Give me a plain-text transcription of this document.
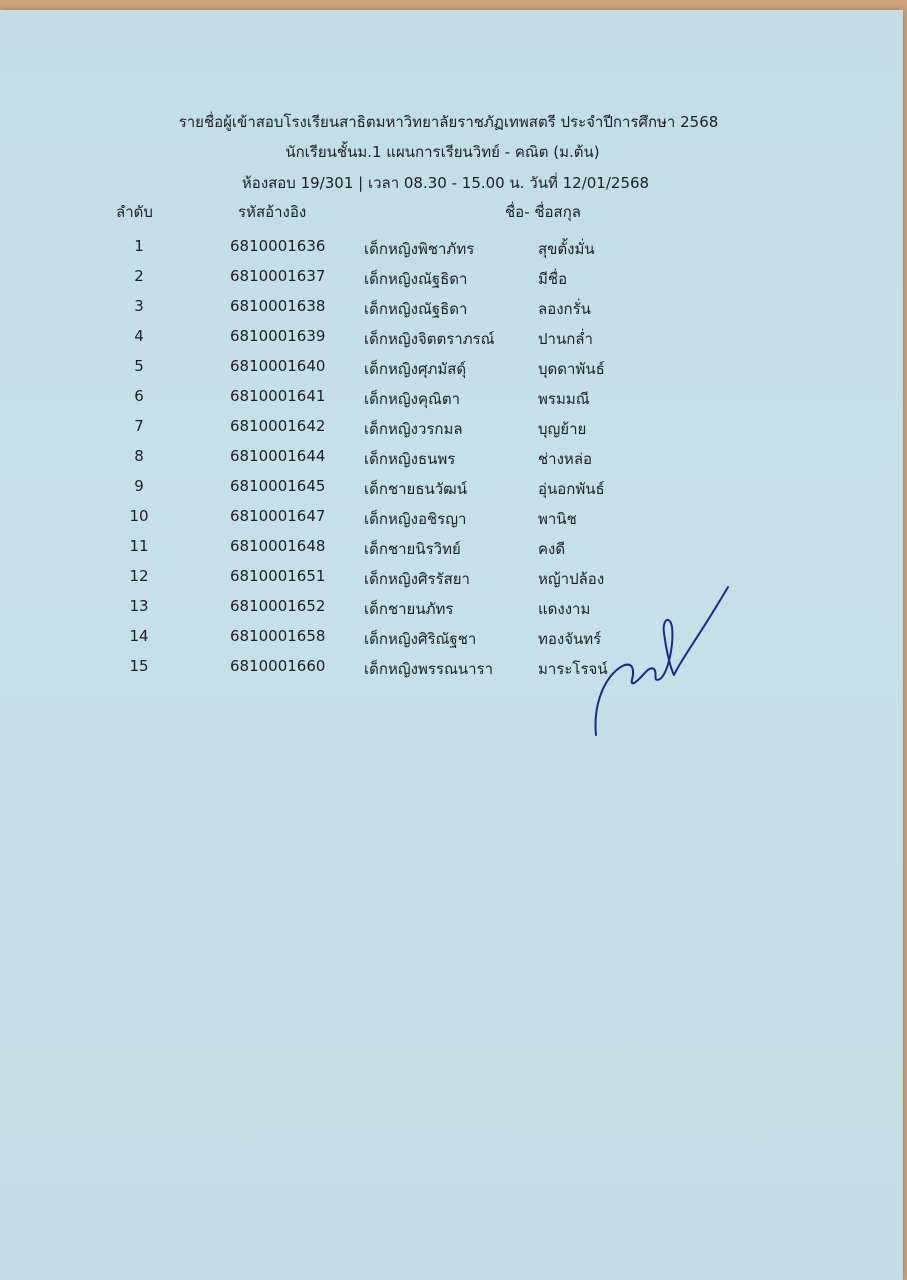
รายชื่อผู้เข้าสอบโรงเรียนสาธิตมหาวิทยาลัยราชภัฏเทพสตรี ประจำปีการศึกษา 2568
นักเรียนชั้นม.1 แผนการเรียนวิทย์ - คณิต (ม.ต้น)
ห้องสอบ 19/301 | เวลา 08.30 - 15.00 น. วันที่ 12/01/2568
ลำดับ	รหัสอ้างอิง	ชื่อ- ชื่อสกุล
1	6810001636	เด็กหญิงพิชาภัทร	สุขตั้งมั่น
2	6810001637	เด็กหญิงณัฐธิดา	มีชื่อ
3	6810001638	เด็กหญิงณัฐธิดา	ลองกรั่น
4	6810001639	เด็กหญิงจิตตราภรณ์	ปานกล่ำ
5	6810001640	เด็กหญิงศุภมัสดุ์	บุดดาพันธ์
6	6810001641	เด็กหญิงคุณิตา	พรมมณี
7	6810001642	เด็กหญิงวรกมล	บุญย้าย
8	6810001644	เด็กหญิงธนพร	ช่างหล่อ
9	6810001645	เด็กชายธนวัฒน์	อุ่นอกพันธ์
10	6810001647	เด็กหญิงอชิรญา	พานิช
11	6810001648	เด็กชายนิรวิทย์	คงดี
12	6810001651	เด็กหญิงศิรรัสยา	หญ้าปล้อง
13	6810001652	เด็กชายนภัทร	แดงงาม
14	6810001658	เด็กหญิงศิริณัฐชา	ทองจันทร์
15	6810001660	เด็กหญิงพรรณนารา	มาระโรจน์
